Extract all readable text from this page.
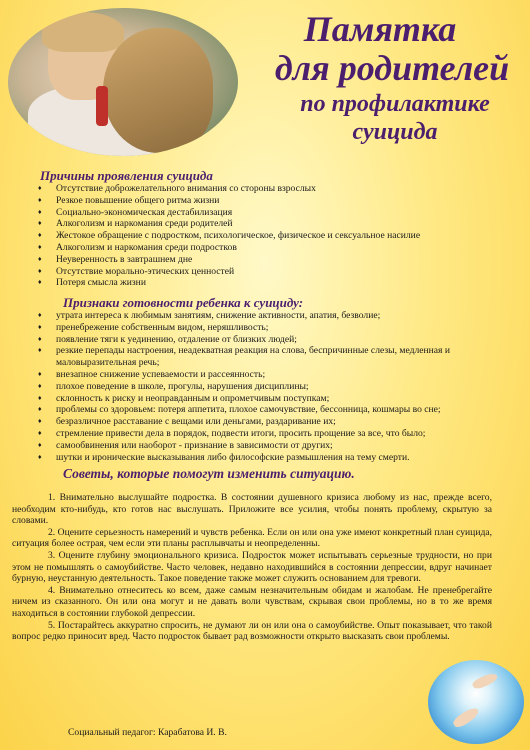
Памятка
для родителей
по профилактике
суицида
Причины проявления суицида
♦ Отсутствие доброжелательного внимания со стороны взрослых
♦ Резкое повышение общего ритма жизни
♦ Социально-экономическая дестабилизация
♦ Алкоголизм и наркомания среди родителей
♦ Жестокое обращение с подростком, психологическое, физическое и сексуальное насилие
♦ Алкоголизм и наркомания среди подростков
♦ Неуверенность в завтрашнем дне
♦ Отсутствие морально-этических ценностей
♦ Потеря смысла жизни
Признаки готовности ребенка к суициду:
♦ утрата интереса к любимым занятиям, снижение активности, апатия, безволие;
♦ пренебрежение собственным видом, неряшливость;
♦ появление тяги к уединению, отдаление от близких людей;
♦ резкие перепады настроения, неадекватная реакция на слова, беспричинные слезы, медленная и маловыразительная речь;
♦ внезапное снижение успеваемости и рассеянность;
♦ плохое поведение в школе, прогулы, нарушения дисциплины;
♦ склонность к риску и неоправданным и опрометчивым поступкам;
♦ проблемы со здоровьем: потеря аппетита, плохое самочувствие, бессонница, кошмары во сне;
♦ безразличное расставание с вещами или деньгами, раздаривание их;
♦ стремление привести дела в порядок, подвести итоги, просить прощение за все, что было;
♦ самообвинения или наоборот - признание в зависимости от других;
♦ шутки и иронические высказывания либо философские размышления на тему смерти.
Советы, которые помогут изменить ситуацию.

1. Внимательно выслушайте подростка. В состоянии душевного кризиса любому из нас, прежде всего, необходим кто-нибудь, кто готов нас выслушать. Приложите все усилия, чтобы понять проблему, скрытую за словами.

2. Оцените серьезность намерений и чувств ребенка. Если он или она уже имеют конкретный план суицида, ситуация более острая, чем если эти планы расплывчаты и неопределенны.

3. Оцените глубину эмоционального кризиса. Подросток может испытывать серьезные трудности, но при этом не помышлять о самоубийстве. Часто человек, недавно находившийся в состоянии депрессии, вдруг начинает бурную, неустанную деятельность. Такое поведение также может служить основанием для тревоги.

4. Внимательно отнеситесь ко всем, даже самым незначительным обидам и жалобам. Не пренебрегайте ничем из сказанного. Он или она могут и не давать воли чувствам, скрывая свои проблемы, но в то же время находиться в состоянии глубокой депрессии.

5. Постарайтесь аккуратно спросить, не думают ли он или она о самоубийстве. Опыт показывает, что такой вопрос редко приносит вред. Часто подросток бывает рад возможности открыто высказать свои проблемы.

Социальный педагог: Карабатова И. В.
